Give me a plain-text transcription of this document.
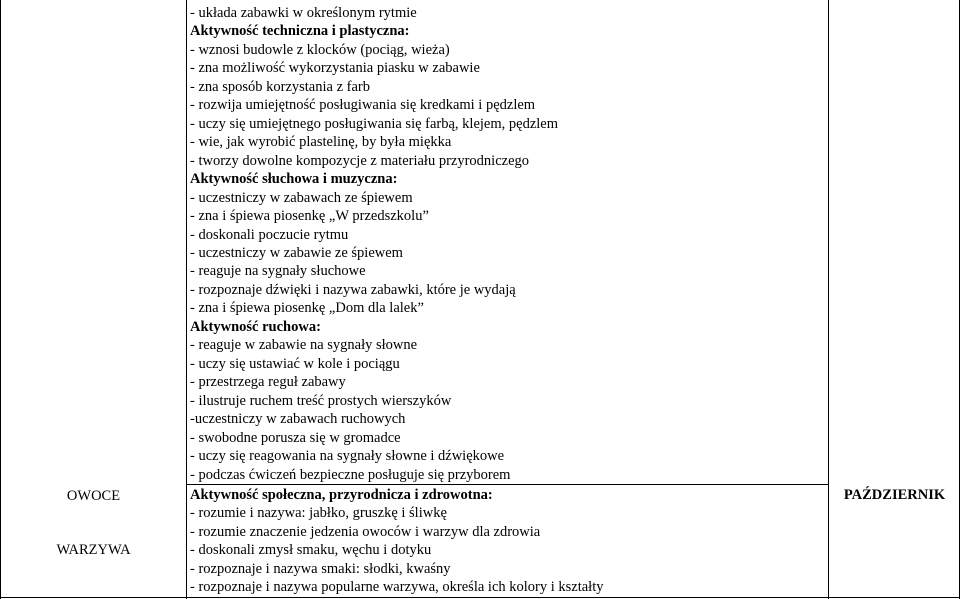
OWOCE
WARZYWA
PAŹDZIERNIK
- układa zabawki w określonym rytmie
Aktywność techniczna i plastyczna:
- wznosi budowle z klocków (pociąg, wieża)
- zna możliwość wykorzystania piasku w zabawie
- zna sposób korzystania z farb
- rozwija umiejętność posługiwania się kredkami i pędzlem
- uczy się umiejętnego posługiwania się farbą, klejem, pędzlem
- wie, jak wyrobić plastelinę, by była miękka
- tworzy dowolne kompozycje z materiału przyrodniczego
Aktywność słuchowa i muzyczna:
- uczestniczy w zabawach ze śpiewem
- zna i śpiewa piosenkę „W przedszkolu”
- doskonali poczucie rytmu
- uczestniczy w zabawie ze śpiewem
- reaguje na sygnały słuchowe
- rozpoznaje dźwięki i nazywa zabawki, które je wydają
- zna i śpiewa piosenkę „Dom dla lalek”
Aktywność ruchowa:
- reaguje w zabawie na sygnały słowne
- uczy się ustawiać w kole i pociągu
- przestrzega reguł zabawy
- ilustruje ruchem treść prostych wierszyków
-uczestniczy w zabawach ruchowych
- swobodne porusza się w gromadce
- uczy się reagowania na sygnały słowne i dźwiękowe
- podczas ćwiczeń bezpieczne posługuje się przyborem
Aktywność społeczna, przyrodnicza i zdrowotna:
- rozumie i nazywa: jabłko, gruszkę i śliwkę
- rozumie znaczenie jedzenia owoców i warzyw dla zdrowia
- doskonali zmysł smaku, węchu i dotyku
- rozpoznaje i nazywa smaki: słodki, kwaśny
- rozpoznaje i nazywa popularne warzywa, określa ich kolory i kształty
